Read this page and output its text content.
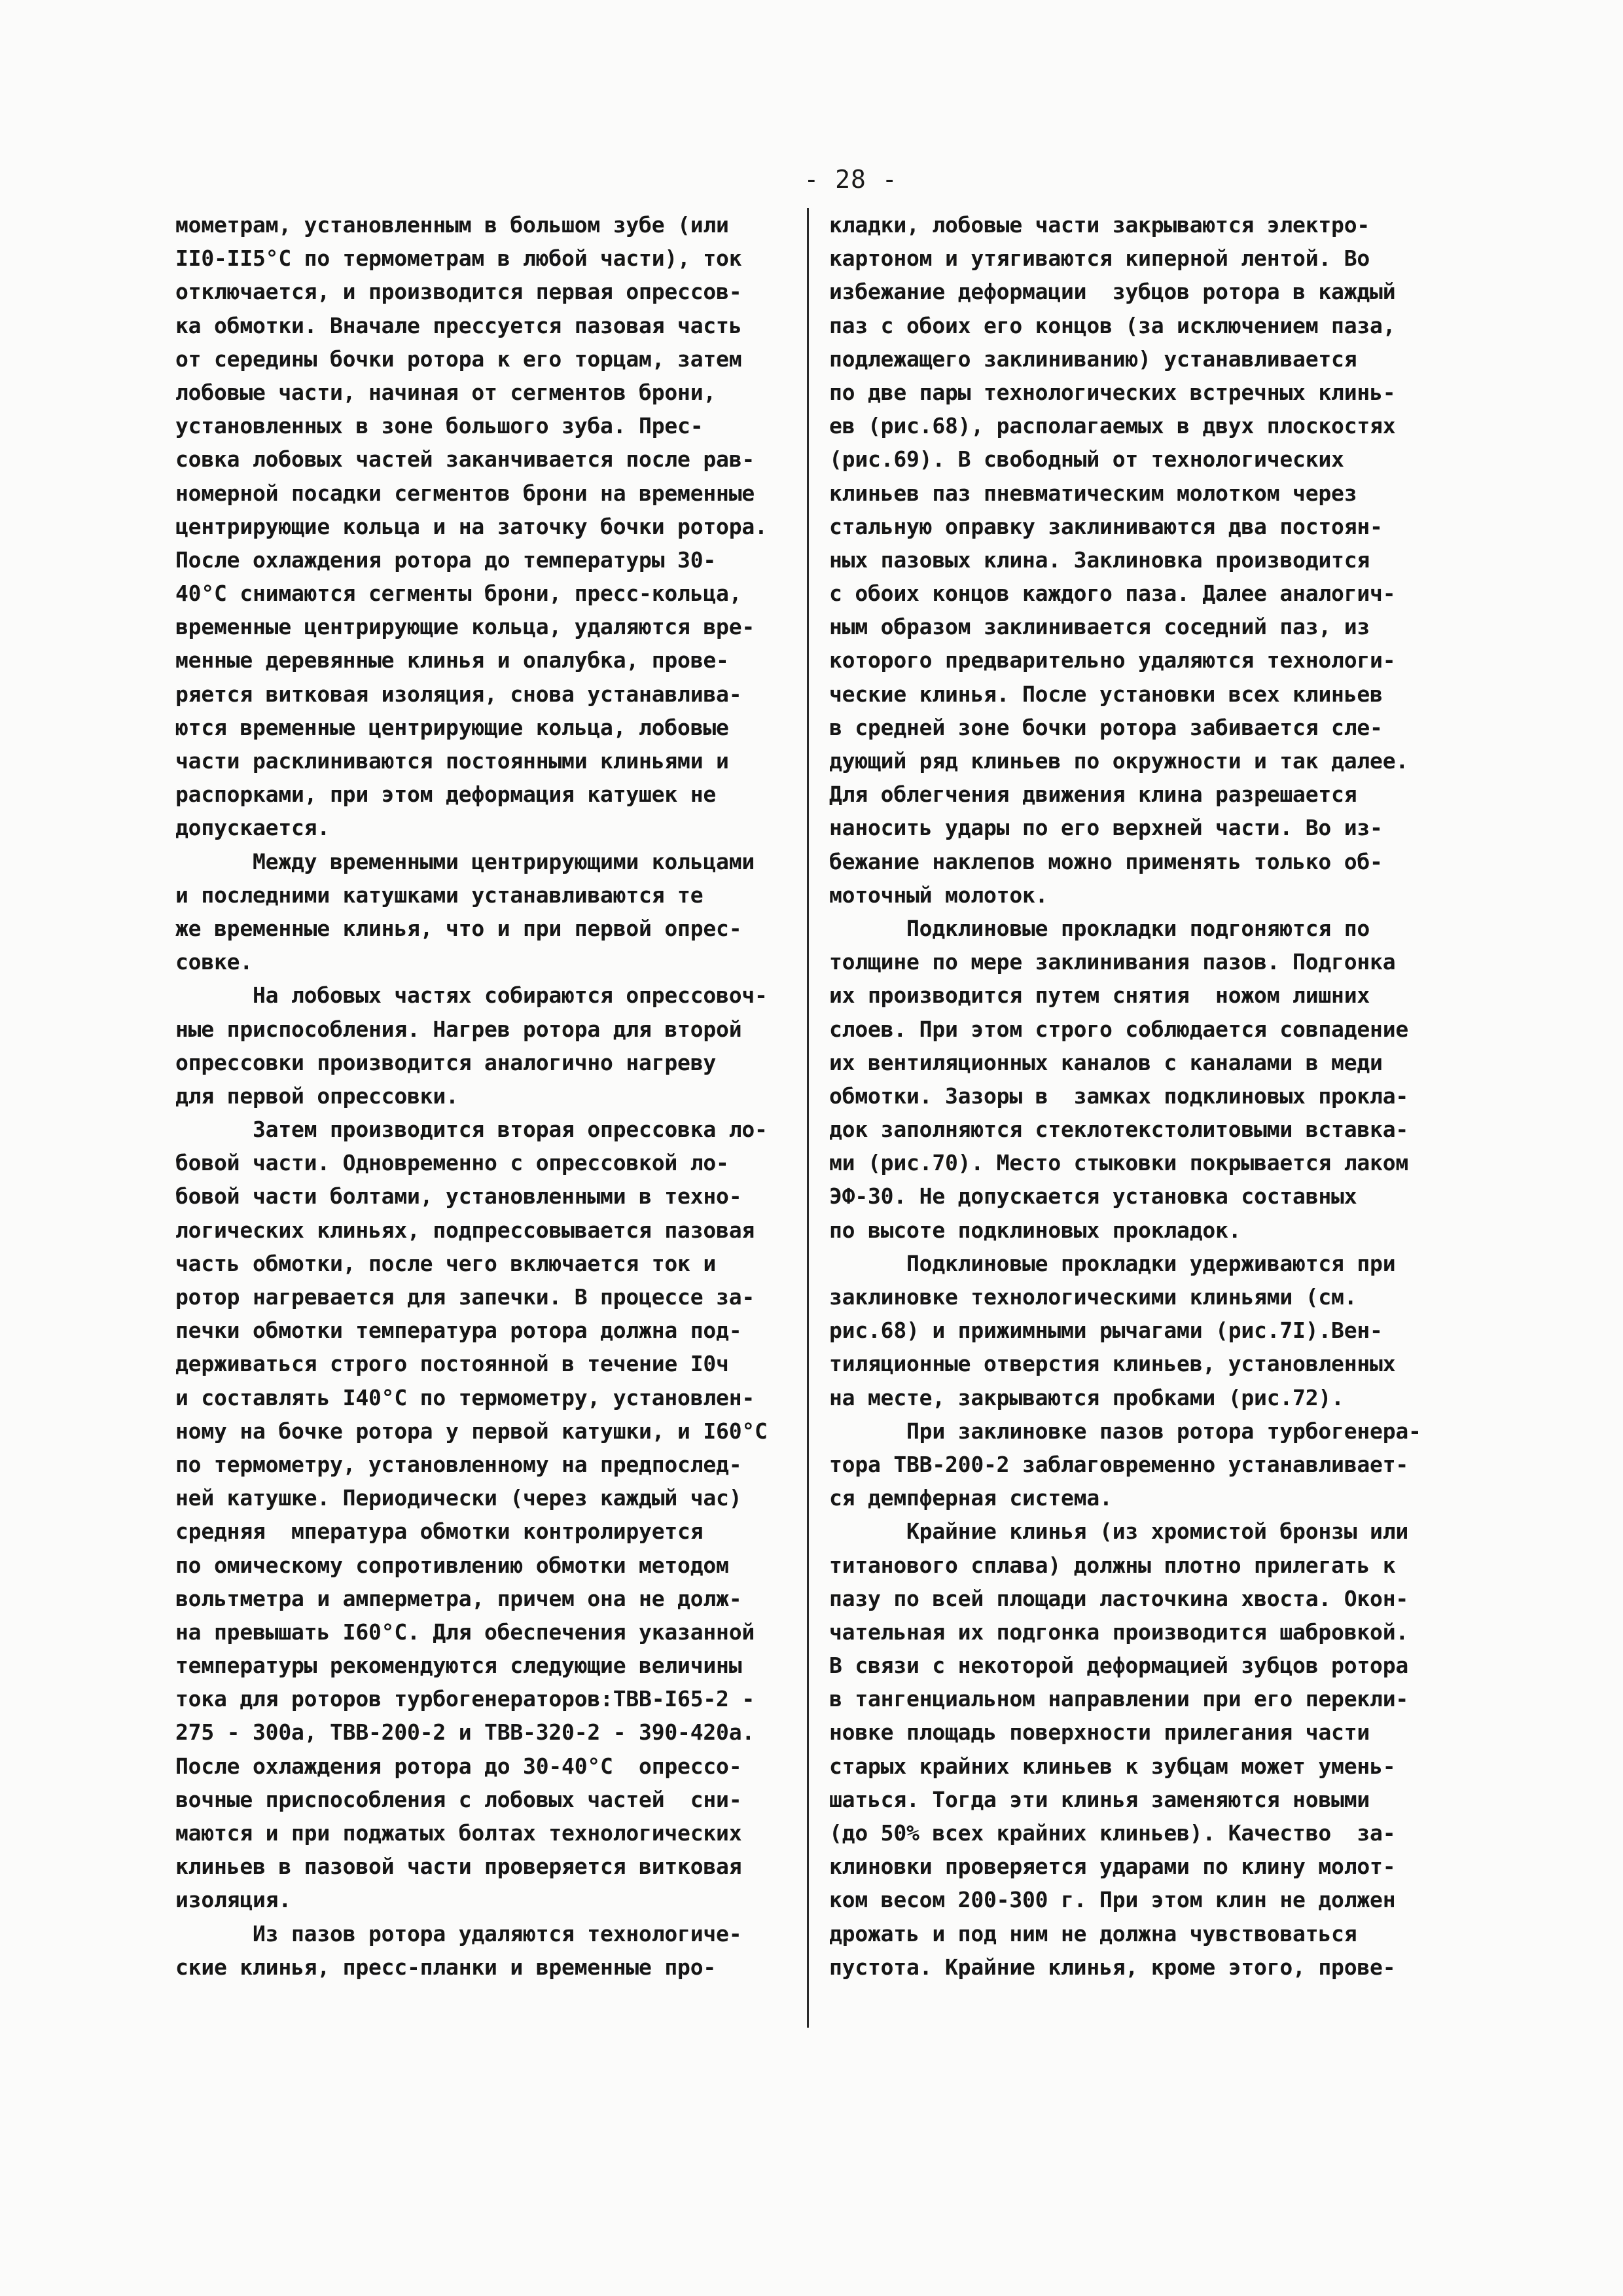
- 28 -
мометрам, установленным в большом зубе (или
II0-II5°C по термометрам в любой части), ток
отключается, и производится первая опрессов-
ка обмотки. Вначале прессуется пазовая часть
от середины бочки ротора к его торцам, затем
лобовые части, начиная от сегментов брони,
установленных в зоне большого зуба. Прес-
совка лобовых частей заканчивается после рав-
номерной посадки сегментов брони на временные
центрирующие кольца и на заточку бочки ротора.
После охлаждения ротора до температуры 30-
40°C снимаются сегменты брони, пресс-кольца,
временные центрирующие кольца, удаляются вре-
менные деревянные клинья и опалубка, прове-
ряется витковая изоляция, снова устанавлива-
ются временные центрирующие кольца, лобовые
части расклиниваются постоянными клиньями и
распорками, при этом деформация катушек не
допускается.
Между временными центрирующими кольцами
и последними катушками устанавливаются те
же временные клинья, что и при первой опрес-
совке.
На лобовых частях собираются опрессовоч-
ные приспособления. Нагрев ротора для второй
опрессовки производится аналогично нагреву
для первой опрессовки.
Затем производится вторая опрессовка ло-
бовой части. Одновременно с опрессовкой ло-
бовой части болтами, установленными в техно-
логических клиньях, подпрессовывается пазовая
часть обмотки, после чего включается ток и
ротор нагревается для запечки. В процессе за-
печки обмотки температура ротора должна под-
держиваться строго постоянной в течение I0ч
и составлять I40°C по термометру, установлен-
ному на бочке ротора у первой катушки, и I60°C
по термометру, установленному на предпослед-
ней катушке. Периодически (через каждый час)
средняя  мпература обмотки контролируется
по омическому сопротивлению обмотки методом
вольтметра и амперметра, причем она не долж-
на превышать I60°C. Для обеспечения указанной
температуры рекомендуются следующие величины
тока для роторов турбогенераторов:ТВВ-I65-2 -
275 - 300а, ТВВ-200-2 и ТВВ-320-2 - 390-420а.
После охлаждения ротора до 30-40°C  опрессо-
вочные приспособления с лобовых частей  сни-
маются и при поджатых болтах технологических
клиньев в пазовой части проверяется витковая
изоляция.
Из пазов ротора удаляются технологиче-
ские клинья, пресс-планки и временные про-
кладки, лобовые части закрываются электро-
картоном и утягиваются киперной лентой. Во
избежание деформации  зубцов ротора в каждый
паз с обоих его концов (за исключением паза,
подлежащего заклиниванию) устанавливается
по две пары технологических встречных клинь-
ев (рис.68), располагаемых в двух плоскостях
(рис.69). В свободный от технологических
клиньев паз пневматическим молотком через
стальную оправку заклиниваются два постоян-
ных пазовых клина. Заклиновка производится
с обоих концов каждого паза. Далее аналогич-
ным образом заклинивается соседний паз, из
которого предварительно удаляются технологи-
ческие клинья. После установки всех клиньев
в средней зоне бочки ротора забивается сле-
дующий ряд клиньев по окружности и так далее.
Для облегчения движения клина разрешается
наносить удары по его верхней части. Во из-
бежание наклепов можно применять только об-
моточный молоток.
Подклиновые прокладки подгоняются по
толщине по мере заклинивания пазов. Подгонка
их производится путем снятия  ножом лишних
слоев. При этом строго соблюдается совпадение
их вентиляционных каналов с каналами в меди
обмотки. Зазоры в  замках подклиновых прокла-
док заполняются стеклотекстолитовыми вставка-
ми (рис.70). Место стыковки покрывается лаком
ЭФ-30. Не допускается установка составных
по высоте подклиновых прокладок.
Подклиновые прокладки удерживаются при
заклиновке технологическими клиньями (см.
рис.68) и прижимными рычагами (рис.7I).Вен-
тиляционные отверстия клиньев, установленных
на месте, закрываются пробками (рис.72).
При заклиновке пазов ротора турбогенера-
тора ТВВ-200-2 заблаговременно устанавливает-
ся демпферная система.
Крайние клинья (из хромистой бронзы или
титанового сплава) должны плотно прилегать к
пазу по всей площади ласточкина хвоста. Окон-
чательная их подгонка производится шабровкой.
В связи с некоторой деформацией зубцов ротора
в тангенциальном направлении при его перекли-
новке площадь поверхности прилегания части
старых крайних клиньев к зубцам может умень-
шаться. Тогда эти клинья заменяются новыми
(до 50% всех крайних клиньев). Качество  за-
клиновки проверяется ударами по клину молот-
ком весом 200-300 г. При этом клин не должен
дрожать и под ним не должна чувствоваться
пустота. Крайние клинья, кроме этого, прове-
